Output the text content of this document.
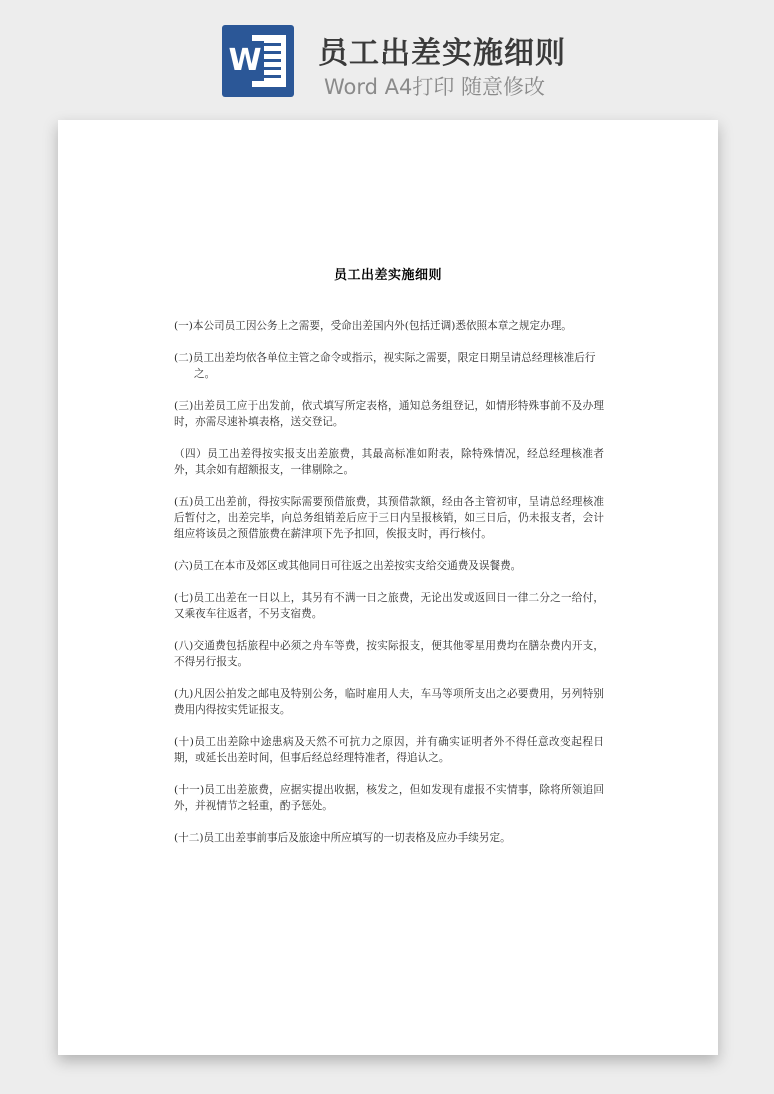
W 员工出差实施细则
Word A4打印 随意修改
员工出差实施细则

(一)本公司员工因公务上之需要，受命出差国内外(包括迁调)悉依照本章之规定办理。

(二)员工出差均依各单位主管之命令或指示，视实际之需要，限定日期呈请总经理核准后行
之。

(三)出差员工应于出发前，依式填写所定表格，通知总务组登记，如情形特殊事前不及办理时，亦需尽速补填表格，送交登记。

（四）员工出差得按实报支出差旅费，其最高标准如附表，除特殊情况，经总经理核准者外，其余如有超额报支，一律剔除之。

(五)员工出差前，得按实际需要预借旅费，其预借款额，经由各主管初审，呈请总经理核准后暂付之，出差完毕，向总务组销差后应于三日内呈报核销，如三日后，仍未报支者，会计组应将该员之预借旅费在薪津项下先予扣回，俟报支时，再行核付。

(六)员工在本市及郊区或其他同日可往返之出差按实支给交通费及误餐费。

(七)员工出差在一日以上，其另有不满一日之旅费，无论出发或返回日一律二分之一给付，又乘夜车往返者，不另支宿费。

(八)交通费包括旅程中必须之舟车等费，按实际报支，便其他零星用费均在膳杂费内开支，不得另行报支。

(九)凡因公拍发之邮电及特别公务，临时雇用人夫，车马等项所支出之必要费用，另列特别费用内得按实凭证报支。

(十)员工出差除中途患病及天然不可抗力之原因，并有确实证明者外不得任意改变起程日期，或延长出差时间，但事后经总经理特准者，得追认之。

(十一)员工出差旅费，应据实提出收据，核发之，但如发现有虚报不实情事，除将所领追回外，并视情节之轻重，酌予惩处。

(十二)员工出差事前事后及旅途中所应填写的一切表格及应办手续另定。
